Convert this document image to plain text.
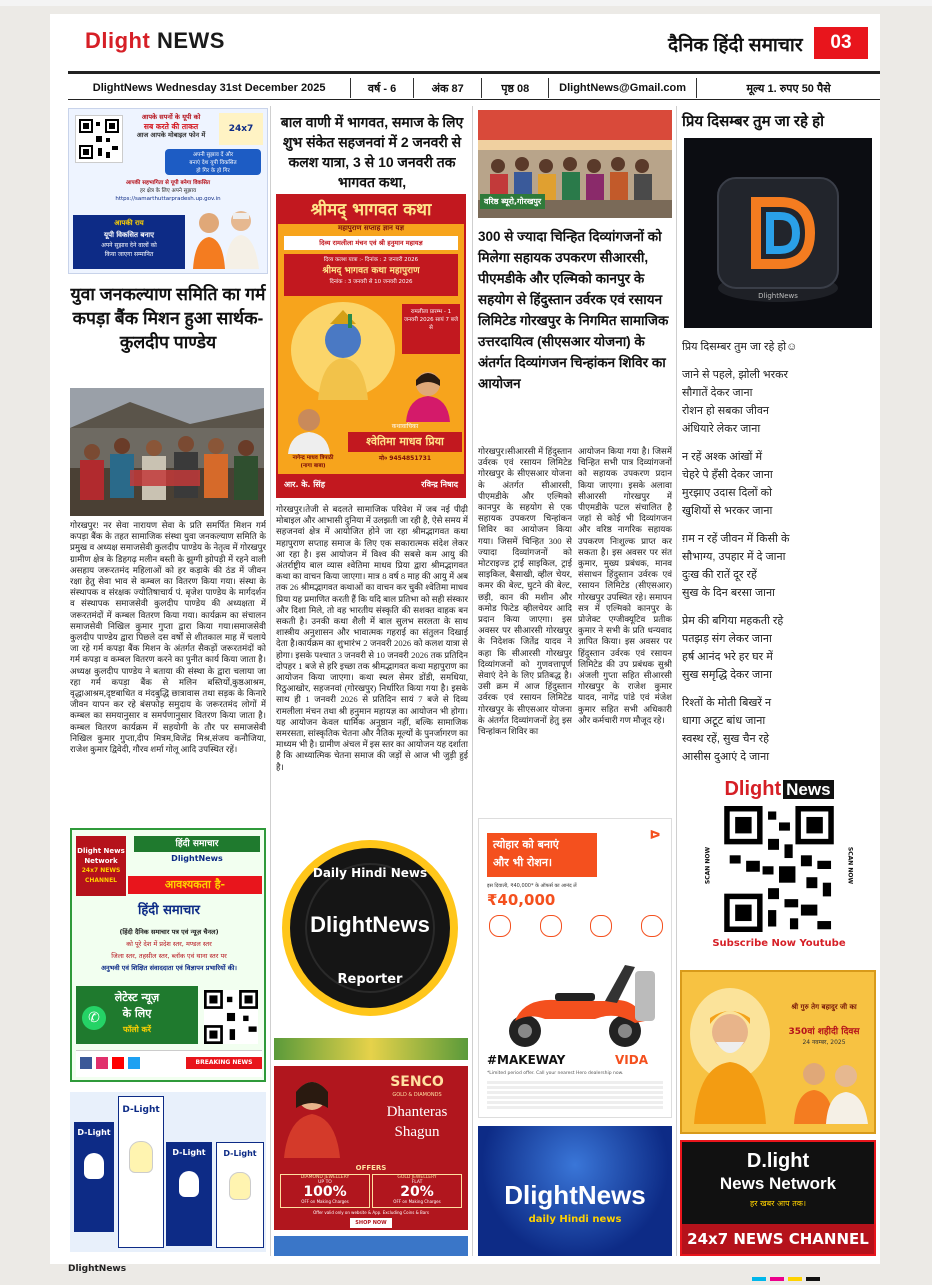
Dlight NEWS	दैनिक हिंदी समाचार	03
DlightNews Wednesday 31st December 2025	वर्ष - 6	अंक 87	पृष्ठ 08	DlightNews@Gmail.com	मूल्य 1. रुपए 50 पैसे
आपके सपनों के यूपी को
सब करते की ताकत
आज आपके मोबाइल फोन में
24x7
अपनी सुझाव दें और
बनाएं देश यूपी विकसित
हो गिर के हो गिर
आपकी सहभागिता से यूपी बनेगा विकसित
हर क्षेत्र के लिए अपने सुझाव
https://samarthuttarpradesh.up.gov.in
आपकी राय
यूपी विकसित बनाए
अपने सुझाव देने वालों को
किया जाएगा सम्मानित
युवा जनकल्याण समिति का गर्म कपड़ा बैंक मिशन हुआ सार्थक- कुलदीप पाण्डेय
गोरखपुर! नर सेवा नारायण सेवा के प्रति समर्पित मिशन गर्म कपड़ा बैंक के तहत सामाजिक संस्था युवा जनकल्याण समिति के प्रमुख व अध्यक्ष समाजसेवी कुलदीप पाण्डेय के नेतृत्व में गोरखपुर ग्रामीण क्षेत्र के डिहगढ़ मलीन बस्ती के झुग्गी झोपड़ी में रहने वाली असहाय जरूरतमंद महिलाओं को हर कड़ाके की ठंड में जीवन रक्षा हेतु सेवा भाव से कम्बल का वितरण किया गया। संस्था के संस्थापक व संरक्षक ज्योतिषाचार्य पं. बृजेश पाण्डेय के मार्गदर्शन व संस्थापक समाजसेवी कुलदीप पाण्डेय की अध्यक्षता में जरूरतमंदों में कम्बल वितरण किया गया। कार्यक्रम का संचालन समाजसेवी निखिल कुमार गुप्ता द्वारा किया गया।समाजसेवी कुलदीप पाण्डेय द्वारा पिछले दस वर्षों से शीतकाल माह में चलाये जा रहे गर्म कपड़ा बैंक मिशन के अंतर्गत सैकड़ों जरूरतमंदों को गर्म कपड़ा व कम्बल वितरण करने का पुनीत कार्य किया जाता है। अध्यक्ष कुलदीप पाण्डेय ने बताया की संस्था के द्वारा चलाया जा रहा गर्म कपड़ा बैंक से मलिन बस्तियों,कुष्ठआश्रम, वृद्धाआश्रम,दृष्टबाधित व मंदबुद्धि छात्रावास तथा सड़क के किनारे जीवन यापन कर रहे बंसफोड़ समुदाय के जरूरतमंद लोगों में कम्बल का समयानुसार व समर्पणानुसार वितरण किया जाता है। कम्बल वितरण कार्यक्रम में सहयोगी के तौर पर समाजसेवी निखिल कुमार गुप्ता,दीप मित्रम,विजेंद्र मिश्र,संजय कनौजिया, राजेश कुमार द्विवेदी, गौरव शर्मा गोलू आदि उपस्थित रहें।
Dlight News Network
24x7 NEWS CHANNEL
हिंदी समाचार
DlightNews
आवश्यकता है-
हिंदी समाचार
(हिंदी दैनिक समाचार पत्र एवं न्यूज़ चैनल)
को पूरे देश में प्रदेश स्तर, मण्डल स्तर
जिला स्तर, तहसील स्तर, ब्लॉक एवं थाना स्तर पर
अनुभवी एवं शिक्षित संवाददाता एवं विज्ञापन प्रभारियों की।
लेटेस्ट न्यूज़
के लिए
फॉलो करें
✆
BREAKING NEWS
D-Light
D-Light
D-Light	D-Light
बाल वाणी में भागवत, समाज के लिए शुभ संकेत सहजनवां में 2 जनवरी से कलश यात्रा, 3 से 10 जनवरी तक भागवत कथा,
श्रीमद् भागवत कथा
महापुराण सप्ताह ज्ञान यज्ञ
दिव्य रामलीला मंचन एवं श्री हनुमान महायज्ञ
दिव्य कलश यात्रा :- दिनांक : 2 जनवरी 2026
श्रीमद् भागवत कथा महापुराण
दिनांक : 3 जनवरी से 10 जनवरी 2026
रामलीला प्रारम्भ - 1 जनवरी 2026 सायं 7 बजे से
नागेन्द्र माधव त्रिपाठी
(नागा बाबा)
कथावाचिका
श्वेतिमा माधव प्रिया
मो० 9454851731
आर. के. सिंह	रविन्द्र निषाद
गोरखपुर।तेजी से बदलते सामाजिक परिवेश में जब नई पीढ़ी मोबाइल और आभासी दुनिया में उलझती जा रही है, ऐसे समय में सहजनवां क्षेत्र में आयोजित होने जा रहा श्रीमद्भागवत कथा महापुराण सप्ताह समाज के लिए एक सकारात्मक संदेश लेकर आ रहा है। इस आयोजन में विश्व की सबसे कम आयु की अंतर्राष्ट्रीय बाल व्यास श्वेतिमा माधव प्रिया द्वारा श्रीमद्भागवत कथा का वाचन किया जाएगा। मात्र 8 वर्ष 8 माह की आयु में अब तक 26 श्रीमद्भागवत कथाओं का वाचन कर चुकी श्वेतिमा माधव प्रिया यह प्रमाणित करती हैं कि यदि बाल प्रतिभा को सही संस्कार और दिशा मिले, तो वह भारतीय संस्कृति की सशक्त वाहक बन सकती है। उनकी कथा शैली में बाल सुलभ सरलता के साथ शास्त्रीय अनुशासन और भावात्मक गहराई का संतुलन दिखाई देता है।कार्यक्रम का शुभारंभ 2 जनवरी 2026 को कलश यात्रा से होगा। इसके पश्चात 3 जनवरी से 10 जनवरी 2026 तक प्रतिदिन दोपहर 1 बजे से हरि इच्छा तक श्रीमद्भागवत कथा महापुराण का आयोजन किया जाएगा। कथा स्थल सेमर डोंडी, समधिया, रिठुआखोर, सहजनवां (गोरखपुर) निर्धारित किया गया है। इसके साथ ही 1 जनवरी 2026 से प्रतिदिन सायं 7 बजे से दिव्य रामलीला मंचन तथा श्री हनुमान महायज्ञ का आयोजन भी होगा।यह आयोजन केवल धार्मिक अनुष्ठान नहीं, बल्कि सामाजिक समरसता, सांस्कृतिक चेतना और नैतिक मूल्यों के पुनर्जागरण का माध्यम भी है। ग्रामीण अंचल में इस स्तर का आयोजन यह दर्शाता है कि आध्यात्मिक चेतना समाज की जड़ों से आज भी जुड़ी हुई है।
Daily Hindi News
DlightNews
Reporter
SENCO
GOLD & DIAMONDS
Dhanteras
Shagun
OFFERS
DIAMOND JEWELLERY
UP TO
100%
OFF on Making Charges
GOLD JEWELLERY
FLAT
20%
OFF on Making Charges
Offer valid only on website & App. Excluding Coins & Bars
SHOP NOW
वरिष्ठ ब्यूरो,गोरखपुर
300 से ज्यादा चिन्हित दिव्यांगजनों को मिलेगा सहायक उपकरण सीआरसी, पीएमडीके और एल्मिको कानपुर के सहयोग से हिंदुस्तान उर्वरक एवं रसायन लिमिटेड गोरखपुर के निगमित सामाजिक उत्तरदायित्व (सीएसआर योजना) के अंतर्गत दिव्यांगजन चिन्हांकन शिविर का आयोजन
गोरखपुर।सीआरसी में हिंदुस्तान उर्वरक एवं रसायन लिमिटेड गोरखपुर के सीएसआर योजना के अंतर्गत सीआरसी, पीएमडीके और एल्मिको कानपुर के सहयोग से एक सहायक उपकरण चिन्हांकन शिविर का आयोजन किया गया। जिसमें चिन्हित 300 से ज्यादा दिव्यांगजनों को मोटराइज्ड ट्राई साइकिल, ट्राई साइकिल, बैसाखी, व्हील चेयर, कमर की बेल्ट, घुटने की बेल्ट, छड़ी, कान की मशीन और कमोड फिटेड व्हीलचेयर आदि प्रदान किया जाएगा। इस अवसर पर सीआरसी गोरखपुर के निदेशक जितेंद्र यादव ने कहा कि सीआरसी गोरखपुर दिव्यांगजनों को गुणवत्तापूर्ण सेवाएं देने के लिए प्रतिबद्ध है। उसी क्रम में आज हिंदुस्तान उर्वरक एवं रसायन लिमिटेड गोरखपुर के सीएसआर योजना के अंतर्गत दिव्यांगजनों हेतु इस चिन्हांकन शिविर का
आयोजन किया गया है। जिसमें चिन्हित सभी पात्र दिव्यांगजनों को सहायक उपकरण प्रदान किया जाएगा। इसके अलावा सीआरसी गोरखपुर में पीएमडीके पटल संचालित है जहां से कोई भी दिव्यांगजन और वरिष्ठ नागरिक सहायक उपकरण निःशुल्क प्राप्त कर सकता है। इस अवसर पर संत कुमार, मुख्य प्रबंधक, मानव संसाधन हिंदुस्तान उर्वरक एवं रसायन लिमिटेड (सीएसआर) गोरखपुर उपस्थित रहे। समापन सत्र में एल्मिको कानपुर के प्रोजेक्ट एग्जीक्यूटिव प्रतीक कुमार ने सभी के प्रति धन्यवाद ज्ञापित किया। इस अवसर पर हिंदुस्तान उर्वरक एवं रसायन लिमिटेड की उप प्रबंधक सुश्री अंजली गुप्ता सहित सीआरसी गोरखपुर के राजेश कुमार यादव, नागेंद्र पांडे एवं मंजेश कुमार सहित सभी अधिकारी और कर्मचारी गण मौजूद रहे।
त्योहार को बनाएं
और भी रोशन।
ᐅ
इस दिवाली, ₹40,000* के ऑफर्स का आनंद लें
₹40,000
#MAKEWAY	VIDA
*Limited period offer. Call your nearest Hero dealership now.
DlightNews
daily Hindi news
प्रिय दिसम्बर तुम जा रहे हो
DlightNews
प्रिय दिसम्बर तुम जा रहे हो☺
जाने से पहले, झोली भरकर
सौगातें देकर जाना
रोशन हो सबका जीवन
अंधियारे लेकर जाना
न रहें अश्क आंखों में
चेहरे पे हँसी देकर जाना
मुरझाए उदास दिलों को
खुशियों से भरकर जाना
ग़म न रहें जीवन में किसी के
सौभाग्य, उपहार में दे जाना
दुःख की रातें दूर रहें
सुख के दिन बरसा जाना
प्रेम की बगिया महकती रहे
पतझड़ संग लेकर जाना
हर्ष आनंद भरे हर घर में
सुख समृद्धि देकर जाना
रिश्तों के मोती बिखरें न
धागा अटूट बांध जाना
स्वस्थ रहें, सुख चैन रहे
आसीस दुआएं दे जाना
Dlight News
SCAN NOW	SCAN NOW
Subscribe Now Youtube
श्री गुरु तेग बहादुर जी का
350वां शहीदी दिवस
24 नवम्बर, 2025
D.light
News Network
हर खबर आप तक।
24x7 NEWS CHANNEL
DlightNews
